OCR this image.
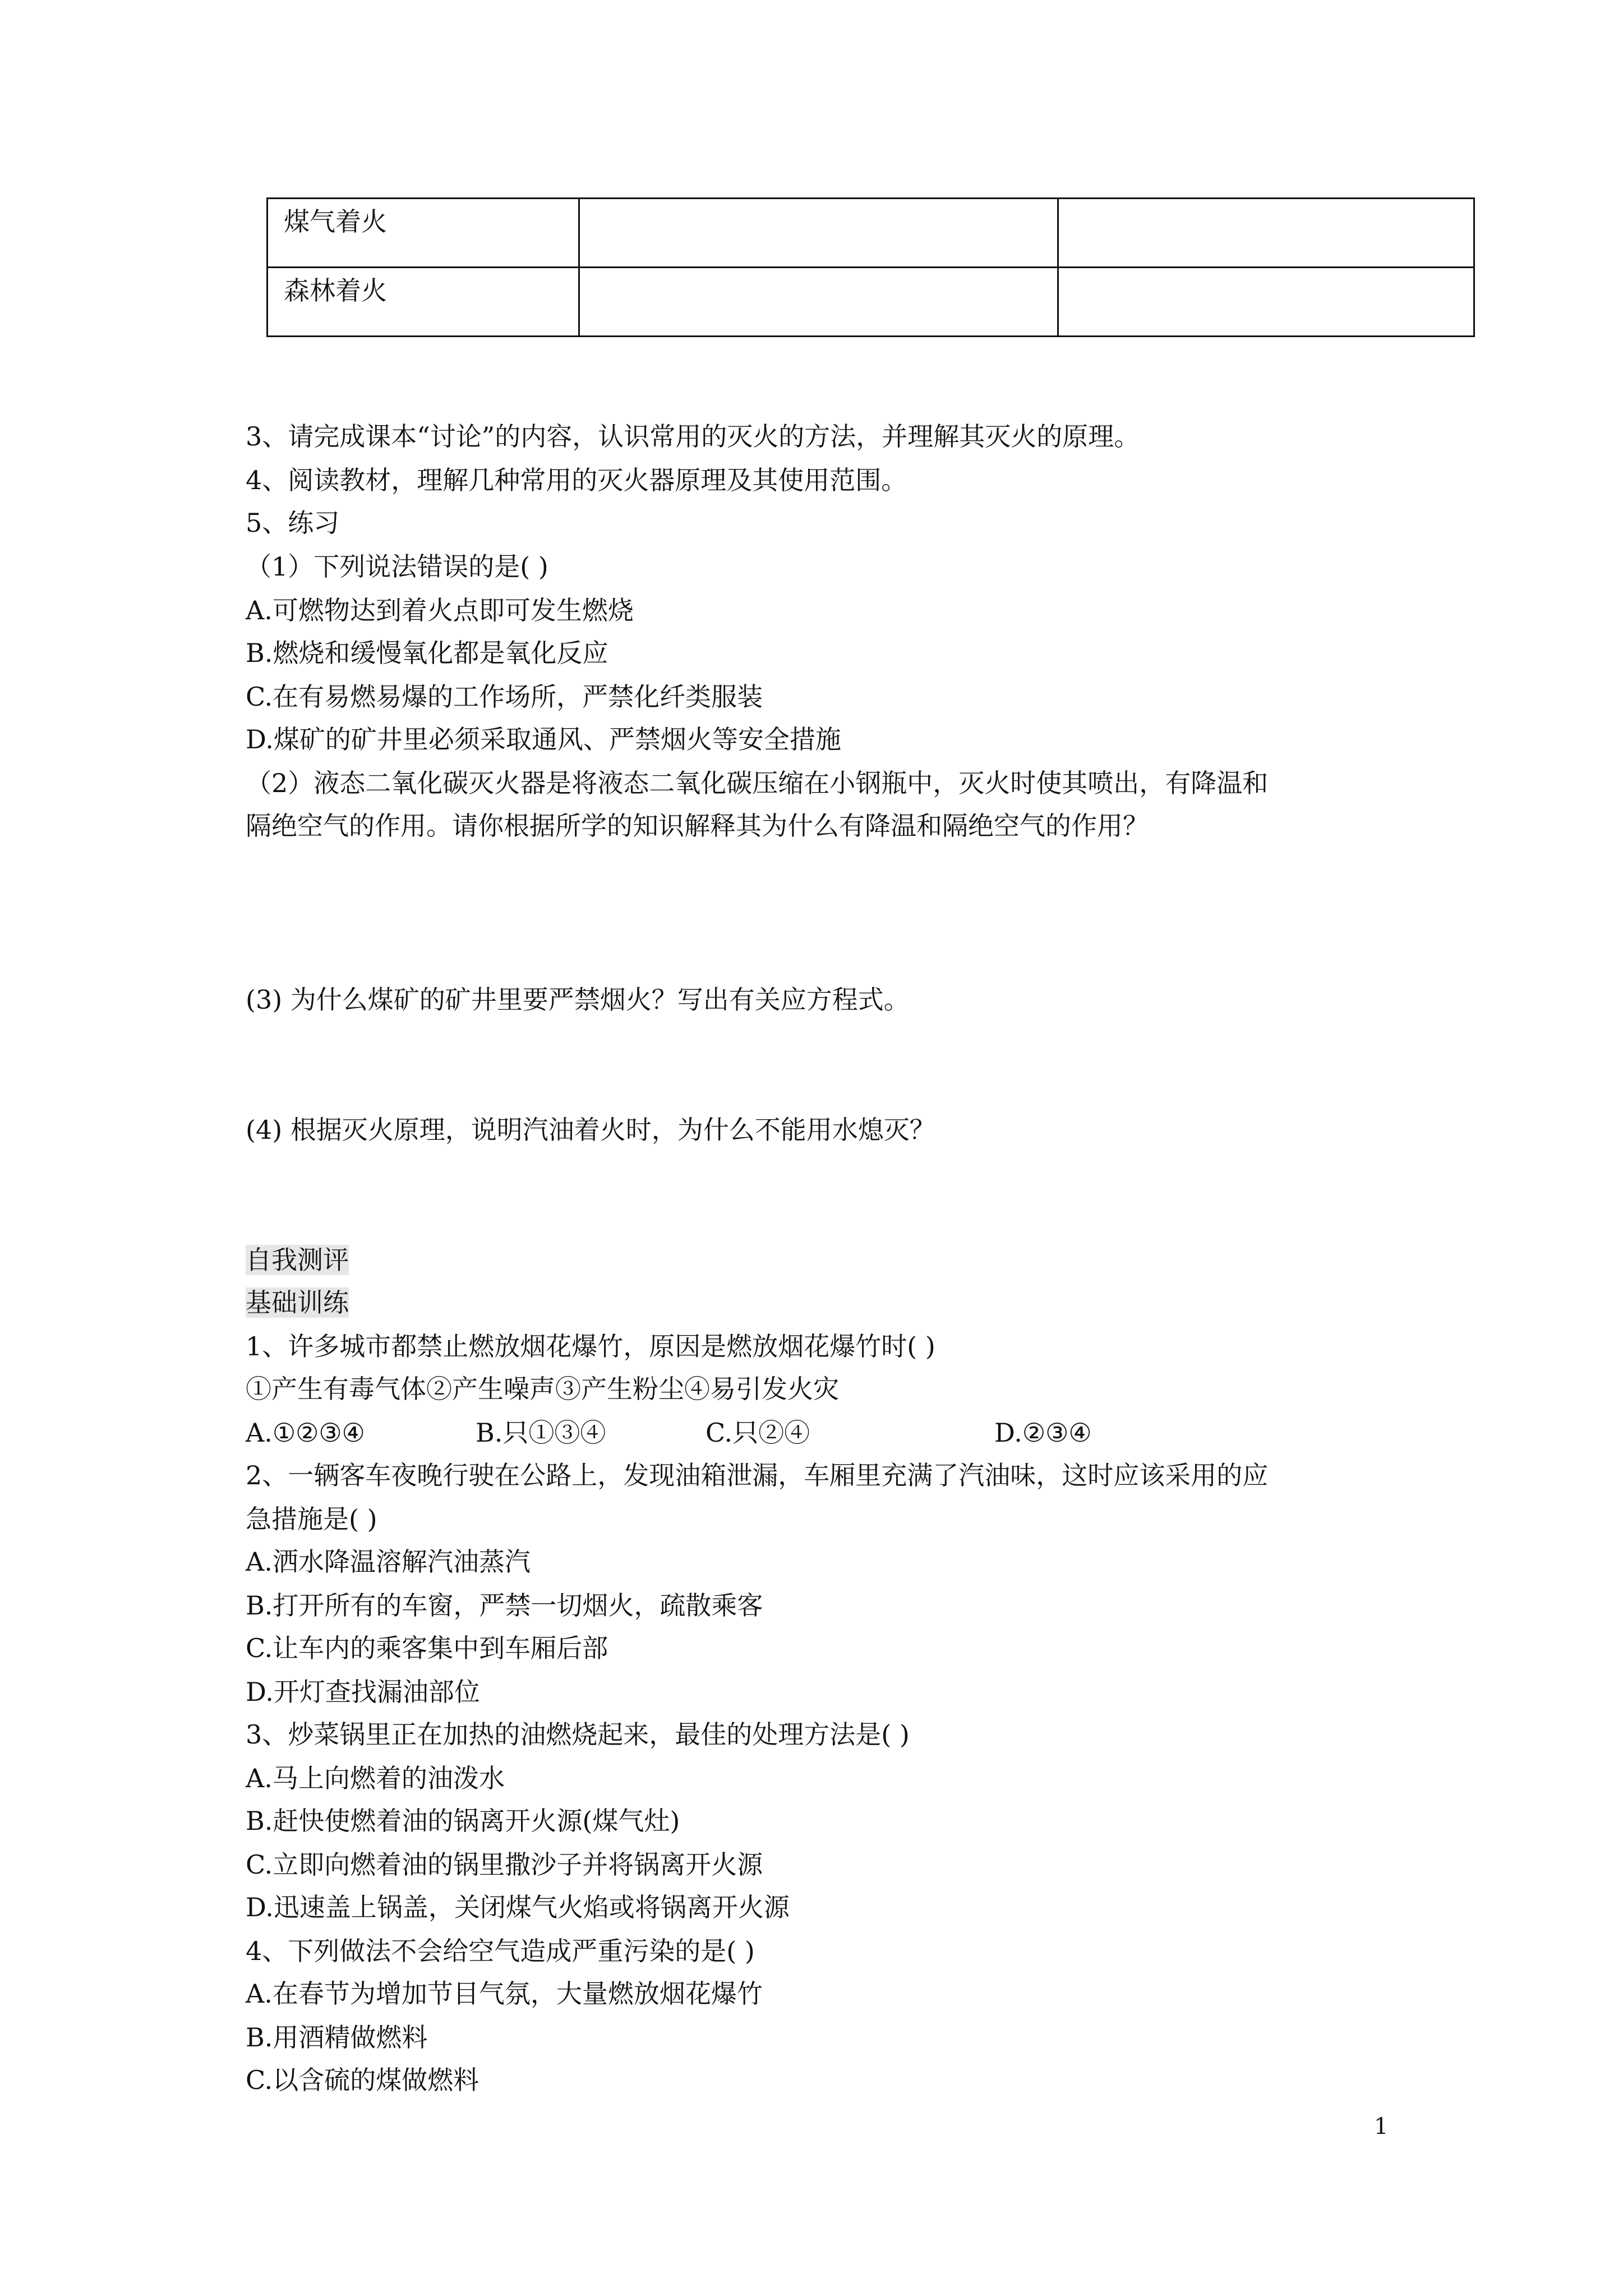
煤气着火		
森林着火		
3、请完成课本“讨论”的内容，认识常用的灭火的方法，并理解其灭火的原理。
4、阅读教材，理解几种常用的灭火器原理及其使用范围。
5、练习
（1）下列说法错误的是( )
A.可燃物达到着火点即可发生燃烧
B.燃烧和缓慢氧化都是氧化反应
C.在有易燃易爆的工作场所，严禁化纤类服装
D.煤矿的矿井里必须采取通风、严禁烟火等安全措施
（2）液态二氧化碳灭火器是将液态二氧化碳压缩在小钢瓶中，灭火时使其喷出，有降温和
隔绝空气的作用。请你根据所学的知识解释其为什么有降温和隔绝空气的作用？
(3) 为什么煤矿的矿井里要严禁烟火？写出有关应方程式。
(4) 根据灭火原理，说明汽油着火时，为什么不能用水熄灭？
自我测评
基础训练
1、许多城市都禁止燃放烟花爆竹，原因是燃放烟花爆竹时( )
①产生有毒气体②产生噪声③产生粉尘④易引发火灾
A.①②③④	B.只①③④	C.只②④	D.②③④
2、一辆客车夜晚行驶在公路上，发现油箱泄漏，车厢里充满了汽油味，这时应该采用的应
急措施是( )
A.洒水降温溶解汽油蒸汽
B.打开所有的车窗，严禁一切烟火，疏散乘客
C.让车内的乘客集中到车厢后部
D.开灯查找漏油部位
3、炒菜锅里正在加热的油燃烧起来，最佳的处理方法是( )
A.马上向燃着的油泼水
B.赶快使燃着油的锅离开火源(煤气灶)
C.立即向燃着油的锅里撒沙子并将锅离开火源
D.迅速盖上锅盖，关闭煤气火焰或将锅离开火源
4、下列做法不会给空气造成严重污染的是( )
A.在春节为增加节目气氛，大量燃放烟花爆竹
B.用酒精做燃料
C.以含硫的煤做燃料
1
